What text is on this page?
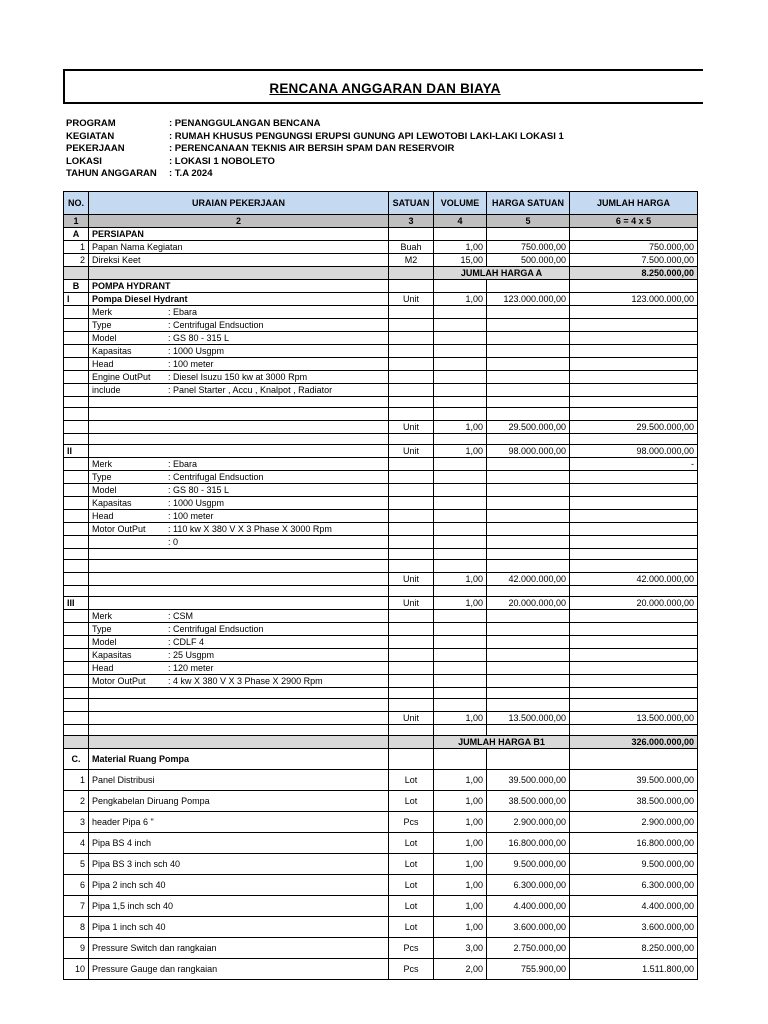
RENCANA ANGGARAN DAN BIAYA
PROGRAM	: PENANGGULANGAN BENCANA
KEGIATAN	: RUMAH KHUSUS PENGUNGSI ERUPSI GUNUNG API LEWOTOBI LAKI-LAKI LOKASI 1
PEKERJAAN	: PERENCANAAN TEKNIS AIR BERSIH SPAM DAN RESERVOIR
LOKASI	: LOKASI 1 NOBOLETO
TAHUN ANGGARAN : T.A 2024
NO.	URAIAN PEKERJAAN	SATUAN	VOLUME	HARGA SATUAN	JUMLAH HARGA
1	2	3	4	5	6 = 4 x 5
A	PERSIAPAN				
1	Papan Nama Kegiatan	Buah	1,00	750.000,00	750.000,00
2	Direksi Keet	M2	15,00	500.000,00	7.500.000,00
			JUMLAH HARGA A		8.250.000,00
B	POMPA HYDRANT				
I	Pompa Diesel Hydrant	Unit	1,00	123.000.000,00	123.000.000,00
	Merk : Ebara				
	Type : Centrifugal Endsuction				
	Model : GS 80 - 315 L				
	Kapasitas : 1000 Usgpm				
	Head : 100 meter				
	Engine OutPut : Diesel Isuzu 150 kw at 3000 Rpm				
	include : Panel Starter , Accu , Knalpot , Radiator				

		Unit	1,00	29.500.000,00	29.500.000,00

II		Unit	1,00	98.000.000,00	98.000.000,00
	Merk : Ebara				-
	Type : Centrifugal Endsuction				
	Model : GS 80 - 315 L				
	Kapasitas : 1000 Usgpm				
	Head : 100 meter				
	Motor OutPut : 110 kw X 380 V X 3 Phase X 3000 Rpm				
	: 0				

		Unit	1,00	42.000.000,00	42.000.000,00

III		Unit	1,00	20.000.000,00	20.000.000,00
	Merk : CSM				
	Type : Centrifugal Endsuction				
	Model : CDLF 4				
	Kapasitas : 25 Usgpm				
	Head : 120 meter				
	Motor OutPut : 4 kw X 380 V X 3 Phase X 2900 Rpm				

		Unit	1,00	13.500.000,00	13.500.000,00

			JUMLAH HARGA B1		326.000.000,00
C.	Material Ruang Pompa				
1	Panel Distribusi	Lot	1,00	39.500.000,00	39.500.000,00
2	Pengkabelan Diruang Pompa	Lot	1,00	38.500.000,00	38.500.000,00
3	header Pipa 6 "	Pcs	1,00	2.900.000,00	2.900.000,00
4	Pipa BS 4 inch	Lot	1,00	16.800.000,00	16.800.000,00
5	Pipa BS 3 inch sch 40	Lot	1,00	9.500.000,00	9.500.000,00
6	Pipa 2 inch sch 40	Lot	1,00	6.300.000,00	6.300.000,00
7	Pipa 1,5 inch sch 40	Lot	1,00	4.400.000,00	4.400.000,00
8	Pipa 1 inch sch 40	Lot	1,00	3.600.000,00	3.600.000,00
9	Pressure Switch dan rangkaian	Pcs	3,00	2.750.000,00	8.250.000,00
10	Pressure Gauge dan rangkaian	Pcs	2,00	755.900,00	1.511.800,00
